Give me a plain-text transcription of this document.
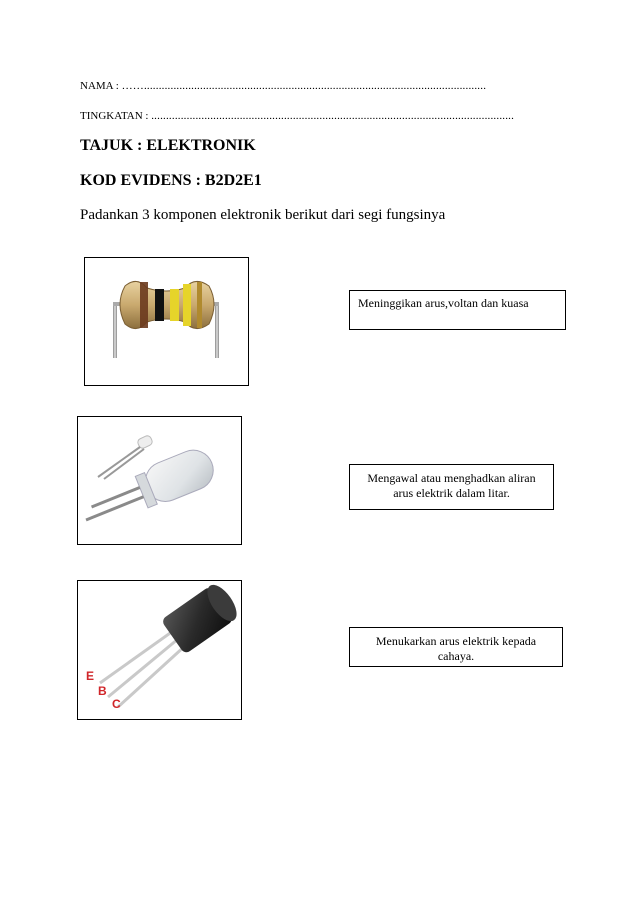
NAMA : ……....................................................................................................................
TINGKATAN : ...........................................................................................................................
TAJUK : ELEKTRONIK
KOD EVIDENS : B2D2E1
Padankan 3 komponen elektronik berikut dari segi fungsinya
E
B
C
Meninggikan arus,voltan dan kuasa
Mengawal atau menghadkan aliran arus elektrik dalam litar.
Menukarkan arus elektrik kepada cahaya.
